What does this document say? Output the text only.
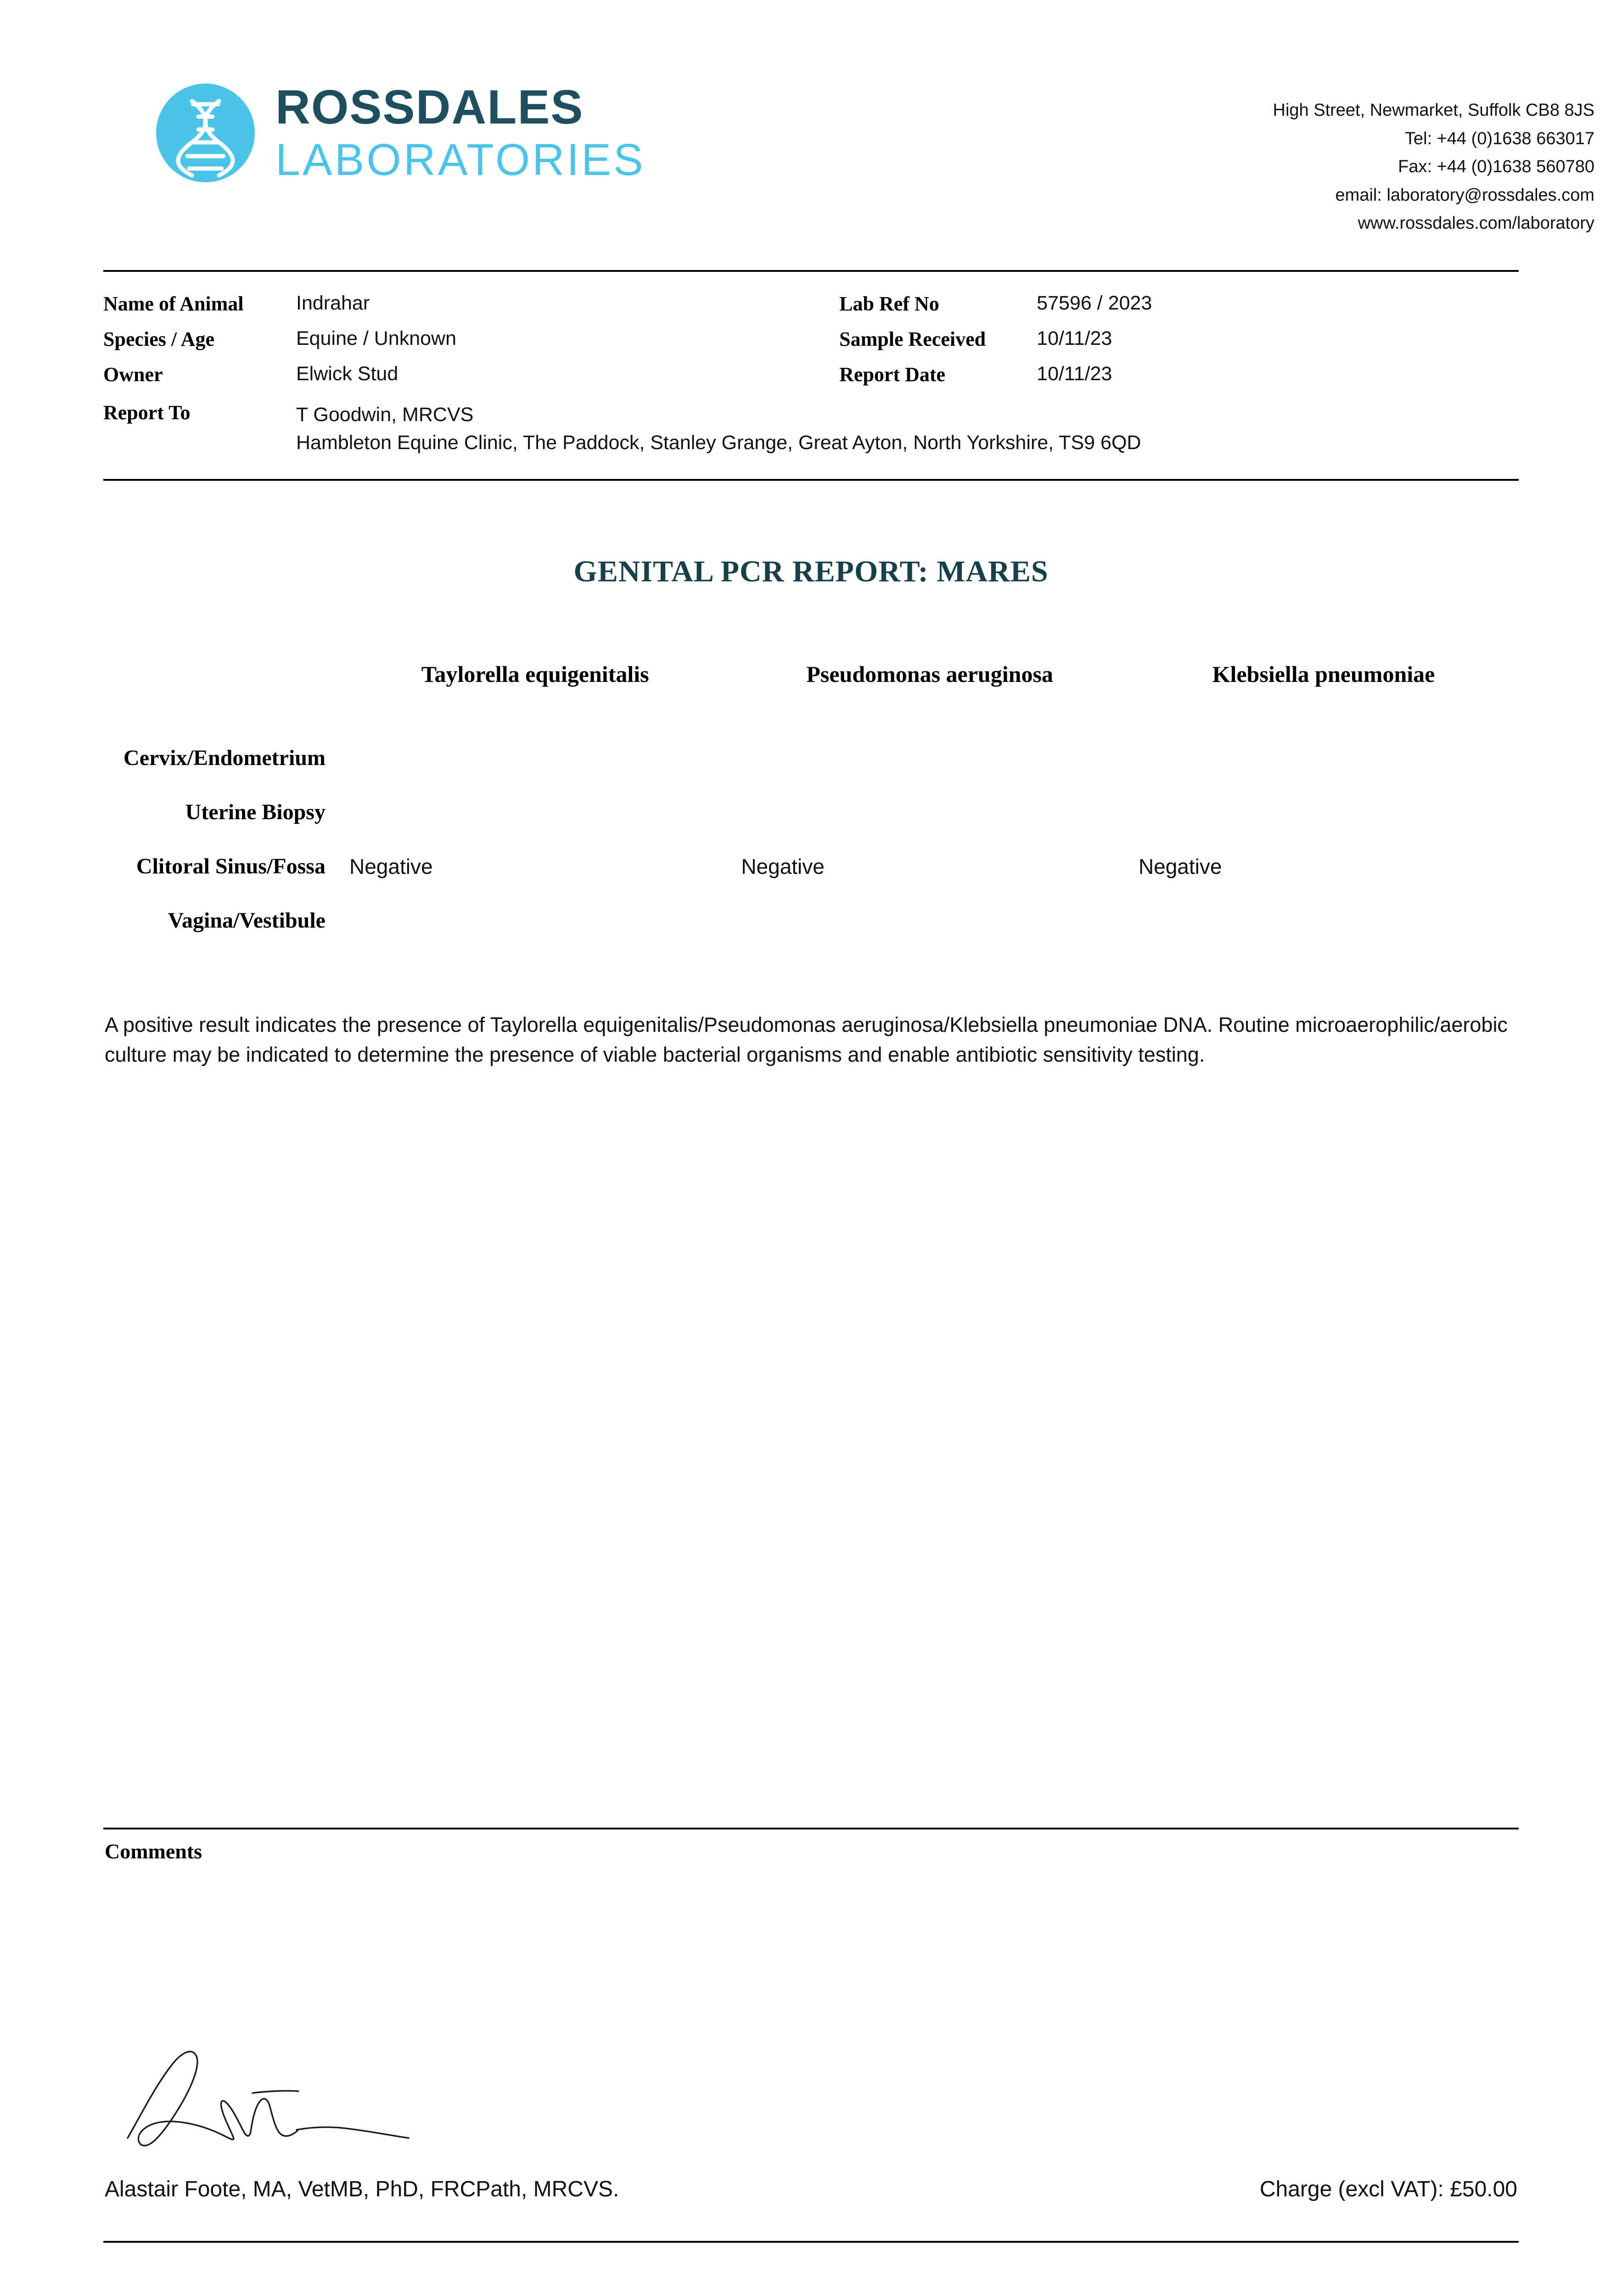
ROSSDALES
LABORATORIES
High Street, Newmarket, Suffolk CB8 8JS
Tel: +44 (0)1638 663017
Fax: +44 (0)1638 560780
email: laboratory@rossdales.com
www.rossdales.com/laboratory
Name of Animal	Indrahar	Lab Ref No	57596 / 2023
Species / Age	Equine / Unknown	Sample Received	10/11/23
Owner	Elwick Stud	Report Date	10/11/23
Report To	T Goodwin, MRCVS
Hambleton Equine Clinic, The Paddock, Stanley Grange, Great Ayton, North Yorkshire, TS9 6QD
GENITAL PCR REPORT: MARES
	Taylorella equigenitalis	Pseudomonas aeruginosa	Klebsiella pneumoniae
Cervix/Endometrium			
Uterine Biopsy			
Clitoral Sinus/Fossa	Negative	Negative	Negative
Vagina/Vestibule			
A positive result indicates the presence of Taylorella equigenitalis/Pseudomonas aeruginosa/Klebsiella pneumoniae DNA. Routine microaerophilic/aerobic culture may be indicated to determine the presence of viable bacterial organisms and enable antibiotic sensitivity testing.
Comments
Alastair Foote, MA, VetMB, PhD, FRCPath, MRCVS.	Charge (excl VAT): £50.00
